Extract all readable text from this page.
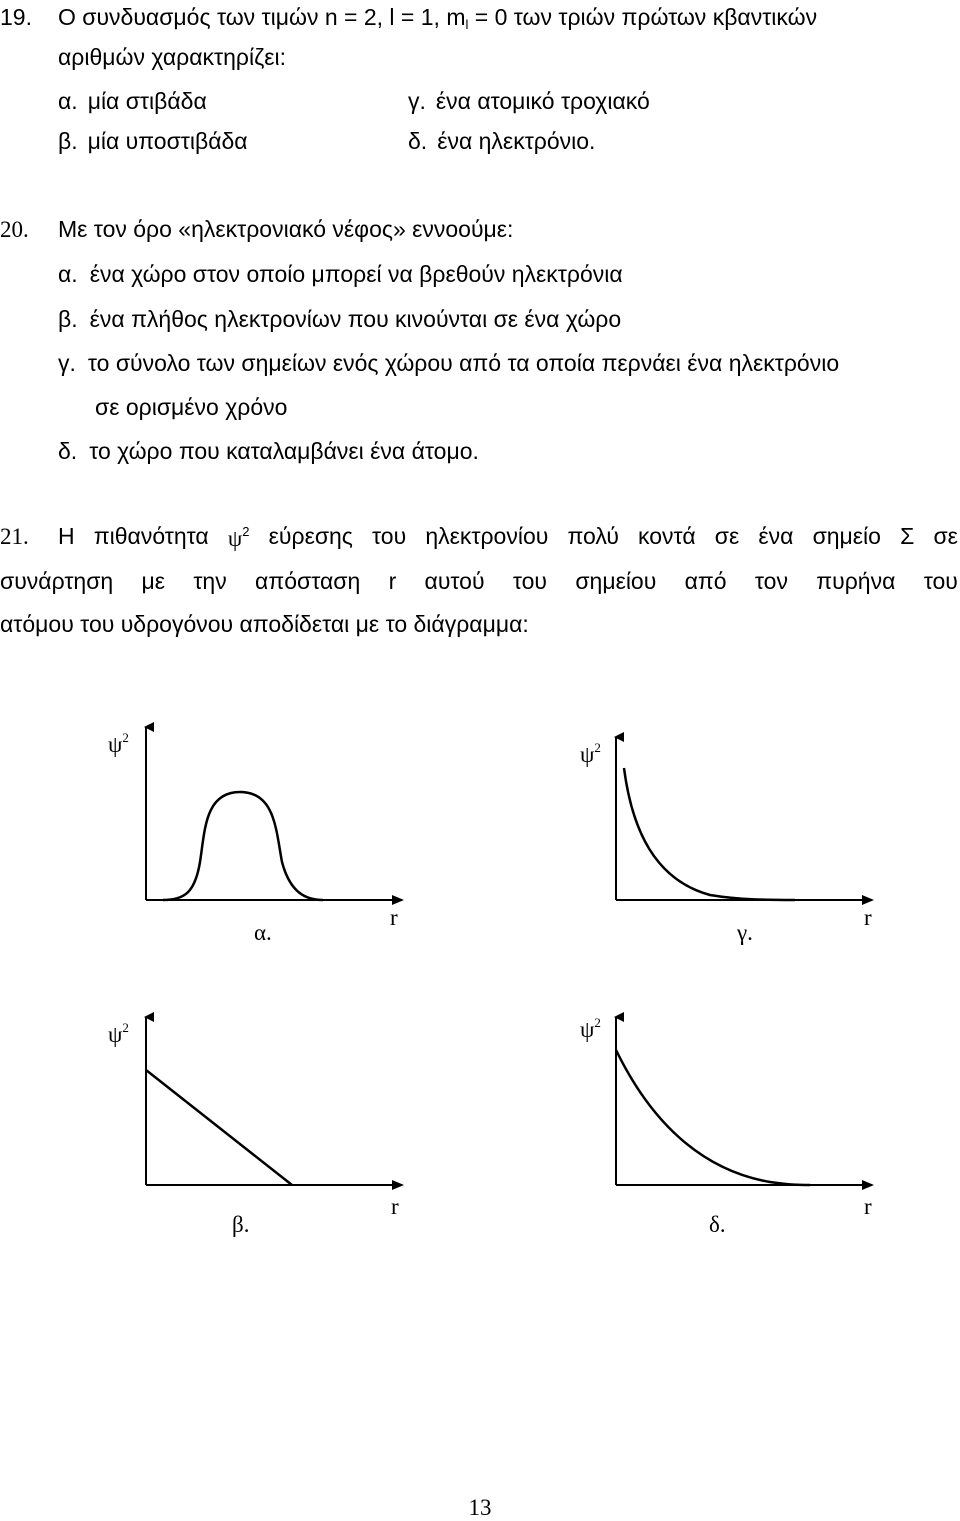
19. Ο συνδυασμός των τιμών n = 2, l = 1, $m_l = 0$ των τριών πρώτων κβαντικών
αριθμών χαρακτηρίζει:
α. μία στιβάδα
β. μία υποστιβάδα
γ. ένα ατομικό τροχιακό
δ. ένα ηλεκτρόνιο.
20. Με τον όρο «ηλεκτρονιακό νέφος» εννοούμε:
α. ένα χώρο στον οποίο μπορεί να βρεθούν ηλεκτρόνια
β. ένα πλήθος ηλεκτρονίων που κινούνται σε ένα χώρο
γ. το σύνολο των σημείων ενός χώρου από τα οποία περνάει ένα ηλεκτρόνιο
σε ορισμένο χρόνο
δ. το χώρο που καταλαμβάνει ένα άτομο.
21. Η πιθανότητα $\psi^2$ εύρεσης του ηλεκτρονίου πολύ κοντά σε ένα σημείο Σ σε
συνάρτηση με την απόσταση r αυτού του σημείου από τον πυρήνα του
ατόμου του υδρογόνου αποδίδεται με το διάγραμμα:
$\psi^2$
r
α.
$\psi^2$
r
γ.
$\psi^2$
r
β.
$\psi^2$
r
δ.
13
